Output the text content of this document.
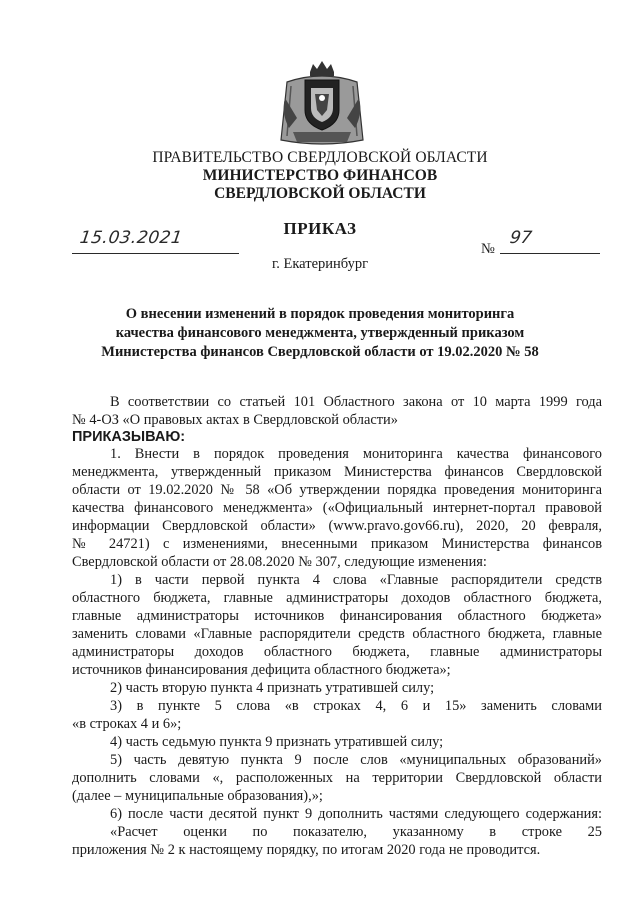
ПРАВИТЕЛЬСТВО СВЕРДЛОВСКОЙ ОБЛАСТИ
МИНИСТЕРСТВО ФИНАНСОВ
СВЕРДЛОВСКОЙ ОБЛАСТИ
ПРИКАЗ
15.03.2021
№
97
г. Екатеринбург
О внесении изменений в порядок проведения мониторинга
качества финансового менеджмента, утвержденный приказом
Министерства финансов Свердловской области от 19.02.2020 № 58
В соответствии со статьей 101 Областного закона от 10 марта 1999 года
№ 4-ОЗ «О правовых актах в Свердловской области»
ПРИКАЗЫВАЮ:
1. Внести в порядок проведения мониторинга качества финансового
менеджмента, утвержденный приказом Министерства финансов Свердловской
области от 19.02.2020 № 58 «Об утверждении порядка проведения мониторинга
качества финансового менеджмента» («Официальный интернет-портал правовой
информации Свердловской области» (www.pravo.gov66.ru), 2020, 20 февраля,
№ 24721) с изменениями, внесенными приказом Министерства финансов
Свердловской области от 28.08.2020 № 307, следующие изменения:
1) в части первой пункта 4 слова «Главные распорядители средств
областного бюджета, главные администраторы доходов областного бюджета,
главные администраторы источников финансирования областного бюджета»
заменить словами «Главные распорядители средств областного бюджета, главные
администраторы доходов областного бюджета, главные администраторы
источников финансирования дефицита областного бюджета»;
2) часть вторую пункта 4 признать утратившей силу;
3) в пункте 5 слова «в строках 4, 6 и 15» заменить словами
«в строках 4 и 6»;
4) часть седьмую пункта 9 признать утратившей силу;
5) часть девятую пункта 9 после слов «муниципальных образований»
дополнить словами «, расположенных на территории Свердловской области
(далее – муниципальные образования),»;
6) после части десятой пункт 9 дополнить частями следующего содержания:
«Расчет оценки по показателю, указанному в строке 25
приложения № 2 к настоящему порядку, по итогам 2020 года не проводится.
